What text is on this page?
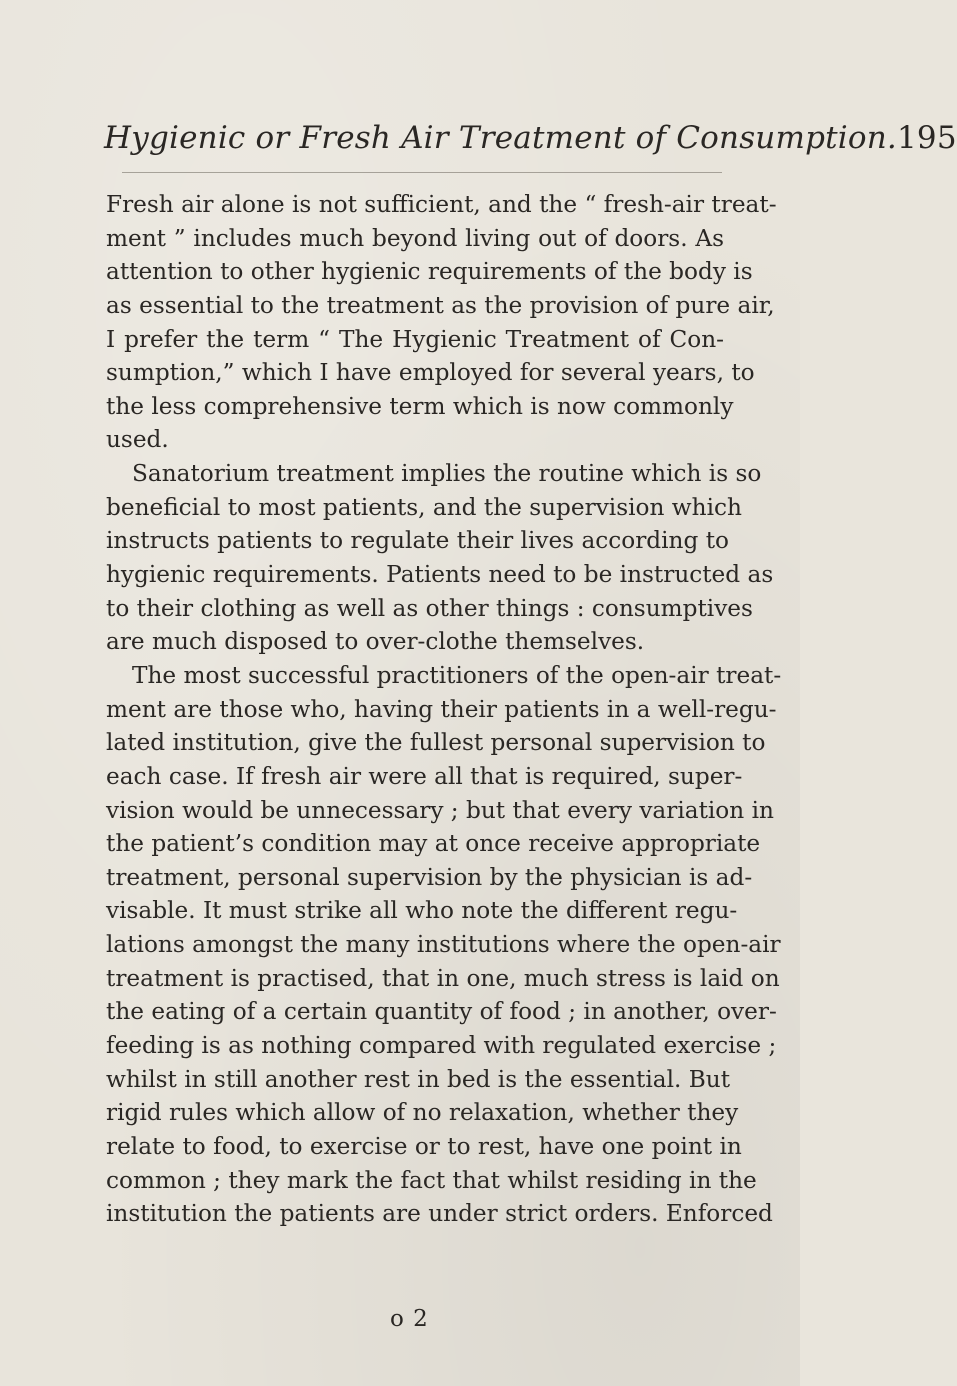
Hygienic or Fresh Air Treatment of Consumption. 195
Fresh air alone is not sufficient, and the “ fresh-air treat-
ment ” includes much beyond living out of doors. As
attention to other hygienic requirements of the body is
as essential to the treatment as the provision of pure air,
I prefer the term “ The Hygienic Treatment of Con-
sumption,” which I have employed for several years, to
the less comprehensive term which is now commonly
used.
Sanatorium treatment implies the routine which is so
beneficial to most patients, and the supervision which
instructs patients to regulate their lives according to
hygienic requirements. Patients need to be instructed as
to their clothing as well as other things : consumptives
are much disposed to over-clothe themselves.
The most successful practitioners of the open-air treat-
ment are those who, having their patients in a well-regu-
lated institution, give the fullest personal supervision to
each case. If fresh air were all that is required, super-
vision would be unnecessary ; but that every variation in
the patient’s condition may at once receive appropriate
treatment, personal supervision by the physician is ad-
visable. It must strike all who note the different regu-
lations amongst the many institutions where the open-air
treatment is practised, that in one, much stress is laid on
the eating of a certain quantity of food ; in another, over-
feeding is as nothing compared with regulated exercise ;
whilst in still another rest in bed is the essential. But
rigid rules which allow of no relaxation, whether they
relate to food, to exercise or to rest, have one point in
common ; they mark the fact that whilst residing in the
institution the patients are under strict orders. Enforced
o 2
